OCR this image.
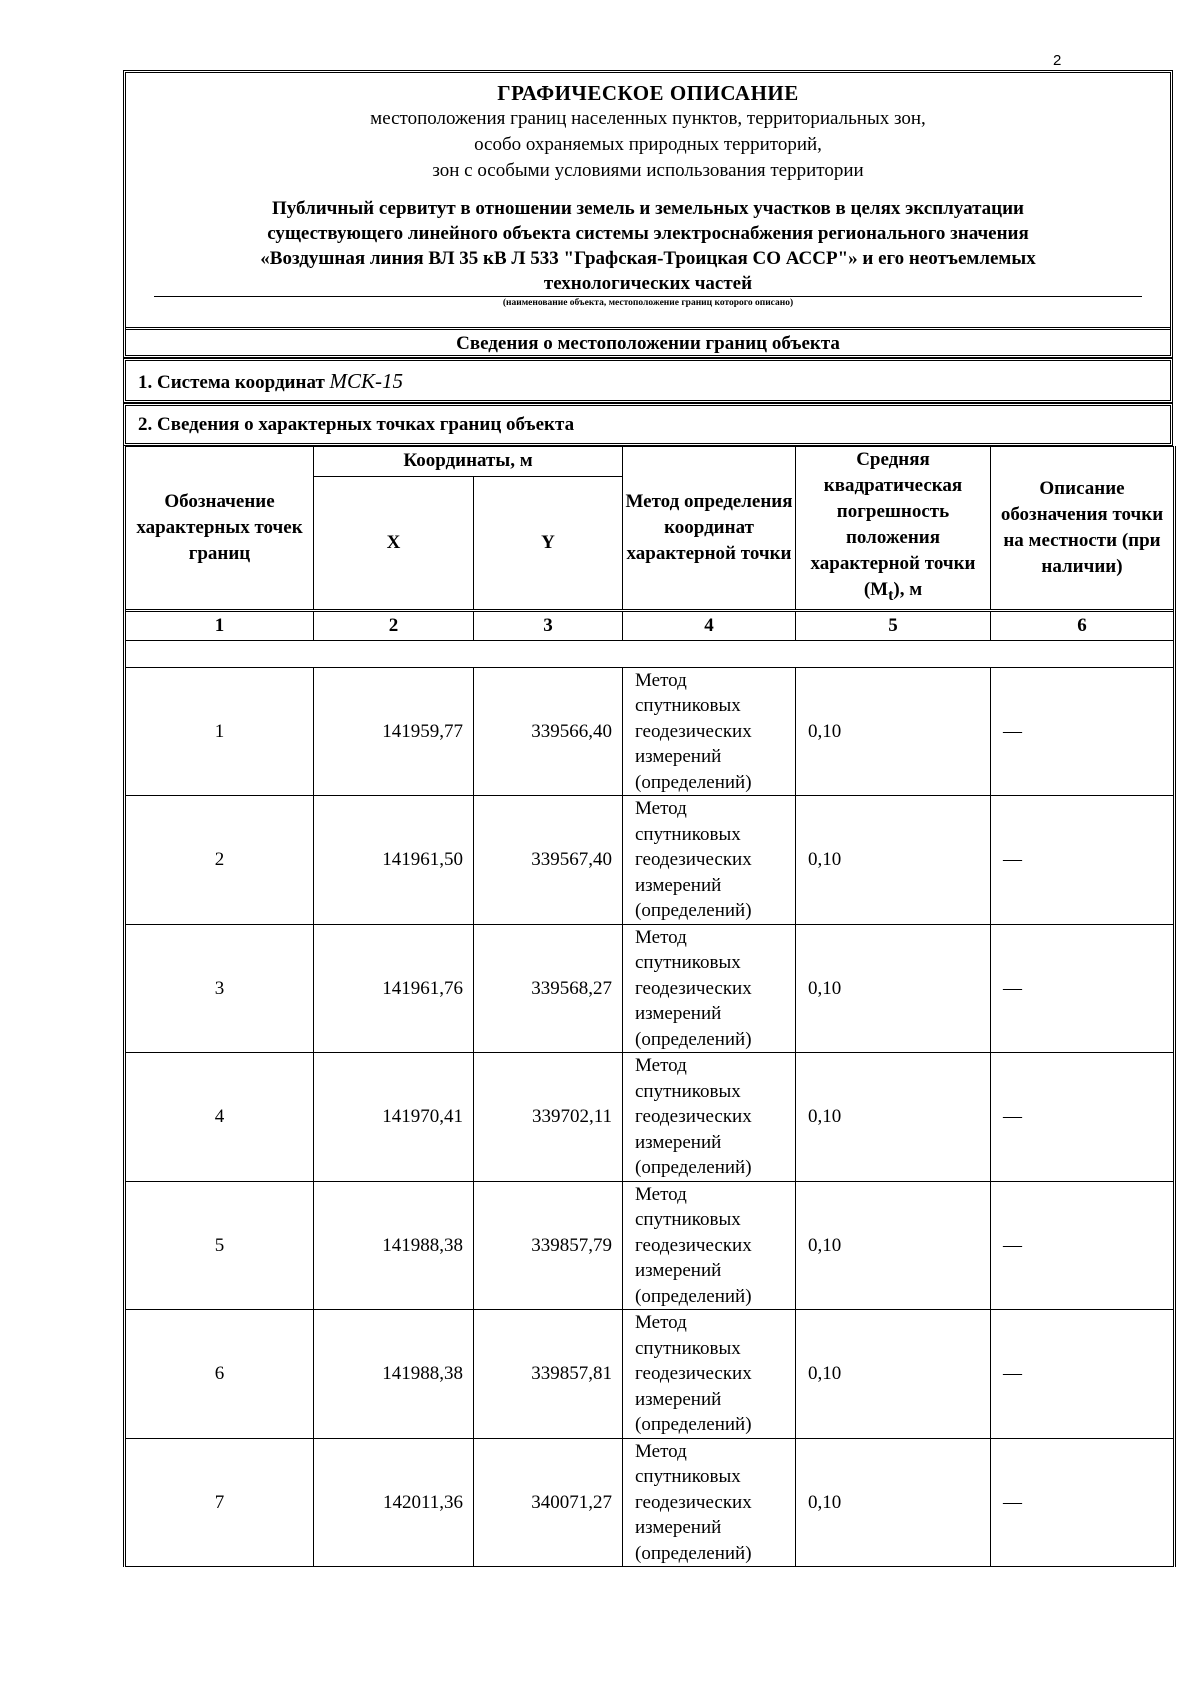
2
ГРАФИЧЕСКОЕ ОПИСАНИЕ
местоположения границ населенных пунктов, территориальных зон,
особо охраняемых природных территорий,
зон с особыми условиями использования территории
Публичный сервитут в отношении земель и земельных участков в целях эксплуатации
существующего линейного объекта системы электроснабжения регионального значения
«Воздушная линия ВЛ 35 кВ Л 533 "Графская-Троицкая СО АССР"» и его неотъемлемых
технологических частей
(наименование объекта, местоположение границ которого описано)
Сведения о местоположении границ объекта
1. Система координат МСК-15
2. Сведения о характерных точках границ объекта
Обозначение характерных точек границ	Координаты, м		Метод определения координат характерной точки	Средняя квадратическая погрешность положения характерной точки $(M_t)$, м	Описание обозначения точки на местности (при наличии)
	X	Y			
1	2	3	4	5	6

1	141959,77	339566,40	Метод спутниковых геодезических измерений (определений)	0,10	—
2	141961,50	339567,40	Метод спутниковых геодезических измерений (определений)	0,10	—
3	141961,76	339568,27	Метод спутниковых геодезических измерений (определений)	0,10	—
4	141970,41	339702,11	Метод спутниковых геодезических измерений (определений)	0,10	—
5	141988,38	339857,79	Метод спутниковых геодезических измерений (определений)	0,10	—
6	141988,38	339857,81	Метод спутниковых геодезических измерений (определений)	0,10	—
7	142011,36	340071,27	Метод спутниковых геодезических измерений (определений)	0,10	—
